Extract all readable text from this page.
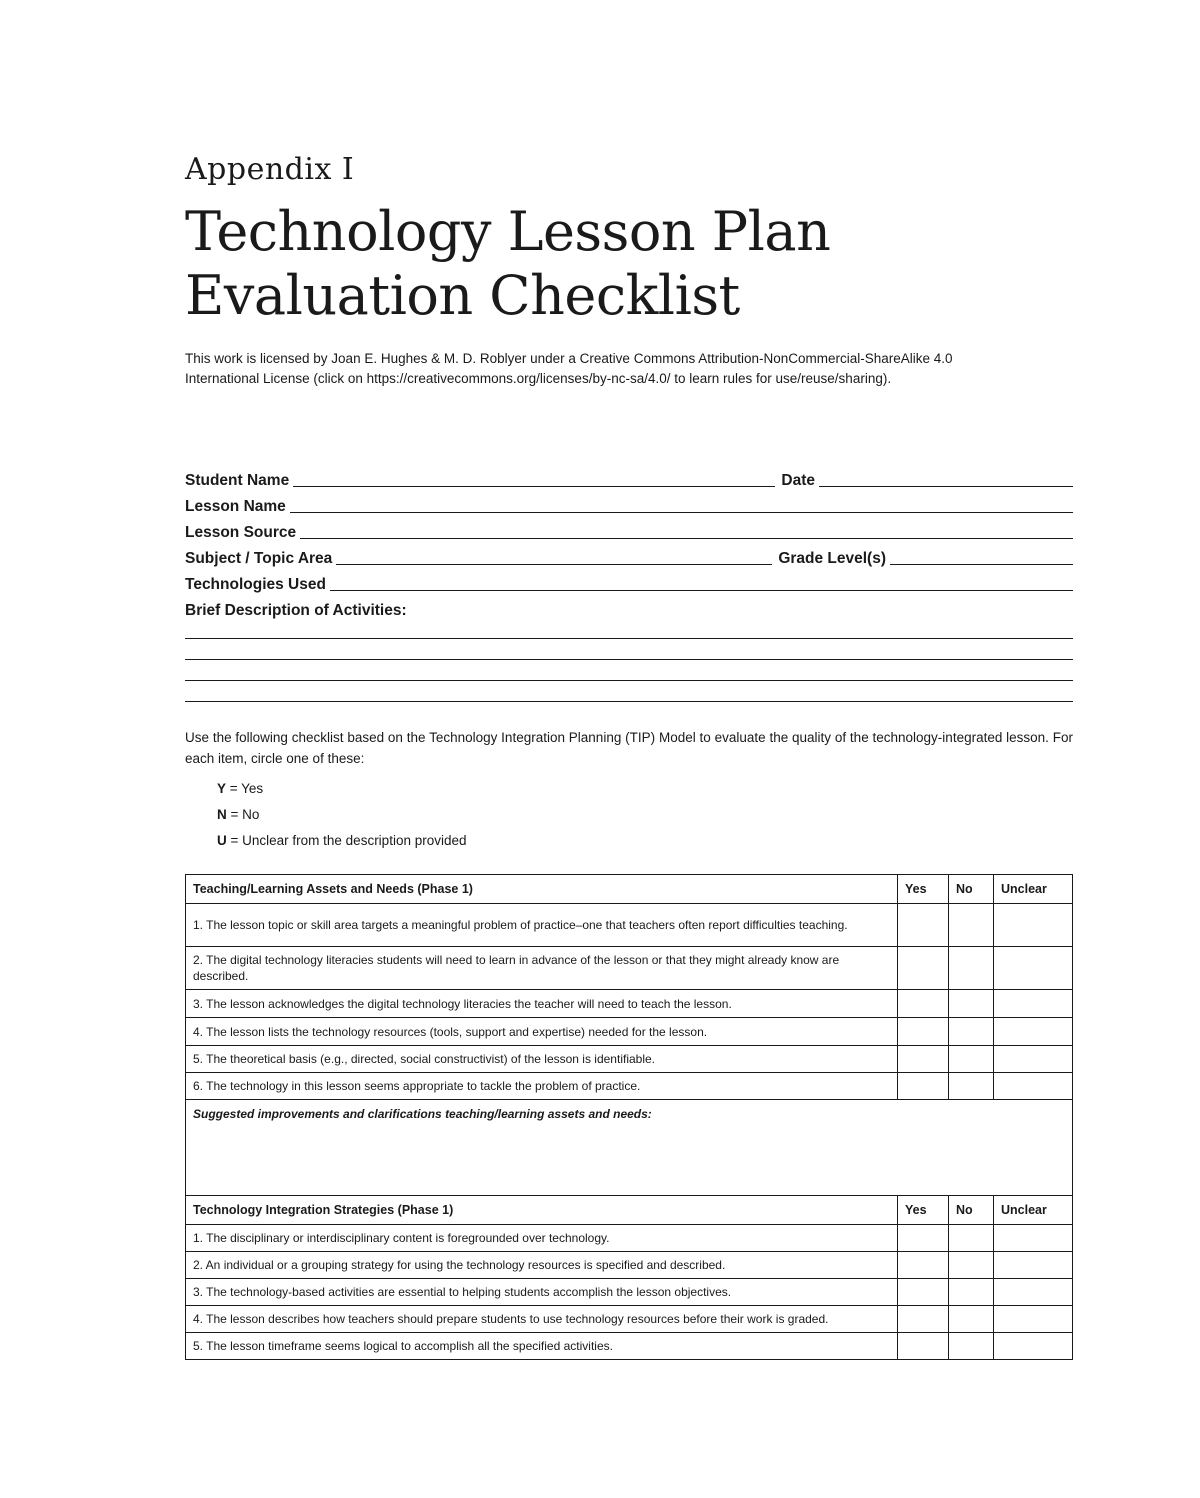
Appendix I
Technology Lesson Plan
Evaluation Checklist
This work is licensed by Joan E. Hughes & M. D. Roblyer under a Creative Commons Attribution-NonCommercial-ShareAlike 4.0 International License (click on https://creativecommons.org/licenses/by-nc-sa/4.0/ to learn rules for use/reuse/sharing).
Student Name	Date
Lesson Name
Lesson Source
Subject / Topic Area	Grade Level(s)
Technologies Used
Brief Description of Activities:
Use the following checklist based on the Technology Integration Planning (TIP) Model to evaluate the quality of the technology-integrated lesson. For each item, circle one of these:
Y = Yes
N = No
U = Unclear from the description provided
Teaching/Learning Assets and Needs (Phase 1)	Yes	No	Unclear
1. The lesson topic or skill area targets a meaningful problem of practice–one that teachers often report difficulties teaching.			
2. The digital technology literacies students will need to learn in advance of the lesson or that they might already know are described.			
3. The lesson acknowledges the digital technology literacies the teacher will need to teach the lesson.			
4. The lesson lists the technology resources (tools, support and expertise) needed for the lesson.			
5. The theoretical basis (e.g., directed, social constructivist) of the lesson is identifiable.			
6. The technology in this lesson seems appropriate to tackle the problem of practice.			
Suggested improvements and clarifications teaching/learning assets and needs:			
Technology Integration Strategies (Phase 1)	Yes	No	Unclear
1. The disciplinary or interdisciplinary content is foregrounded over technology.			
2. An individual or a grouping strategy for using the technology resources is specified and described.			
3. The technology-based activities are essential to helping students accomplish the lesson objectives.			
4. The lesson describes how teachers should prepare students to use technology resources before their work is graded.			
5. The lesson timeframe seems logical to accomplish all the specified activities.			
